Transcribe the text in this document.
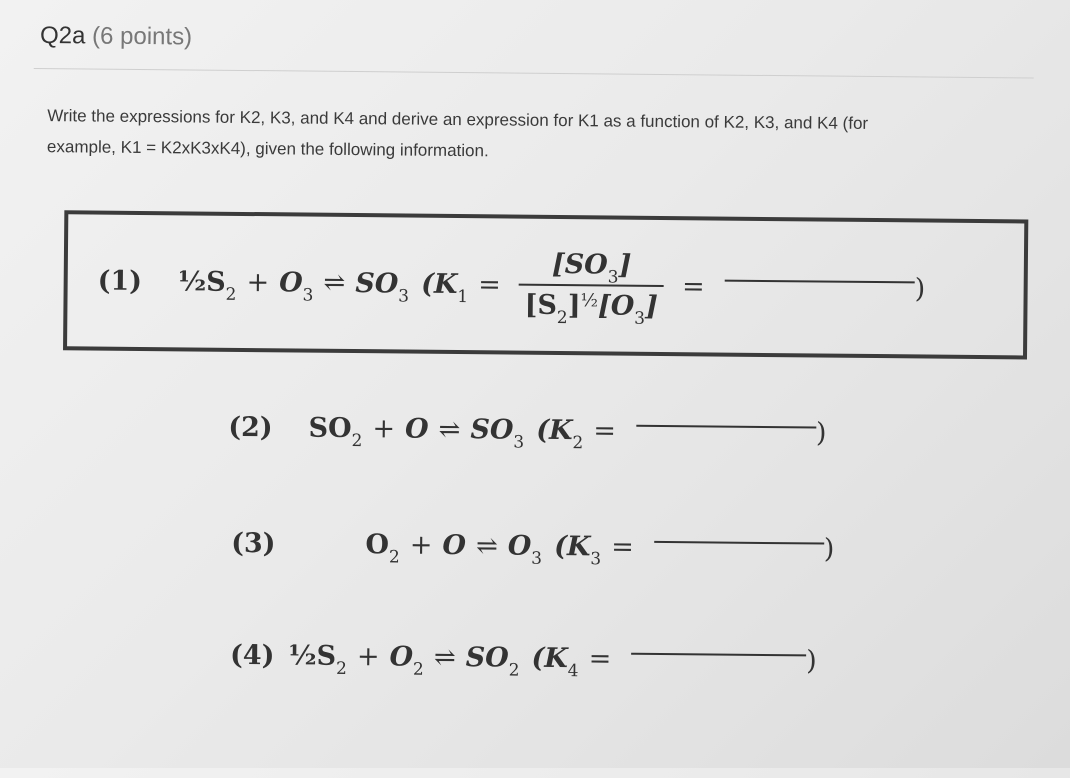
Q2a (6 points)
Write the expressions for K2, K3, and K4 and derive an expression for K1 as a function of K2, K3, and K4 (for
example, K1 = K2xK3xK4), given the following information.
(1) $\frac{1}{2}S_2 + O_3$ ⇌ $SO_3$ ($K_1 = \frac{[SO_3]}{[S_2]^{\frac{1}{2}}[O_3]}$ =	)
(2) $SO_2 + O$ ⇌ $SO_3$ ($K_2$ =	)
(3)	$O_2 + O$ ⇌ $O_3$ ($K_3$ =	)
(4) $\frac{1}{2}S_2 + O_2$ ⇌ $SO_2$ ($K_4$ =	)
